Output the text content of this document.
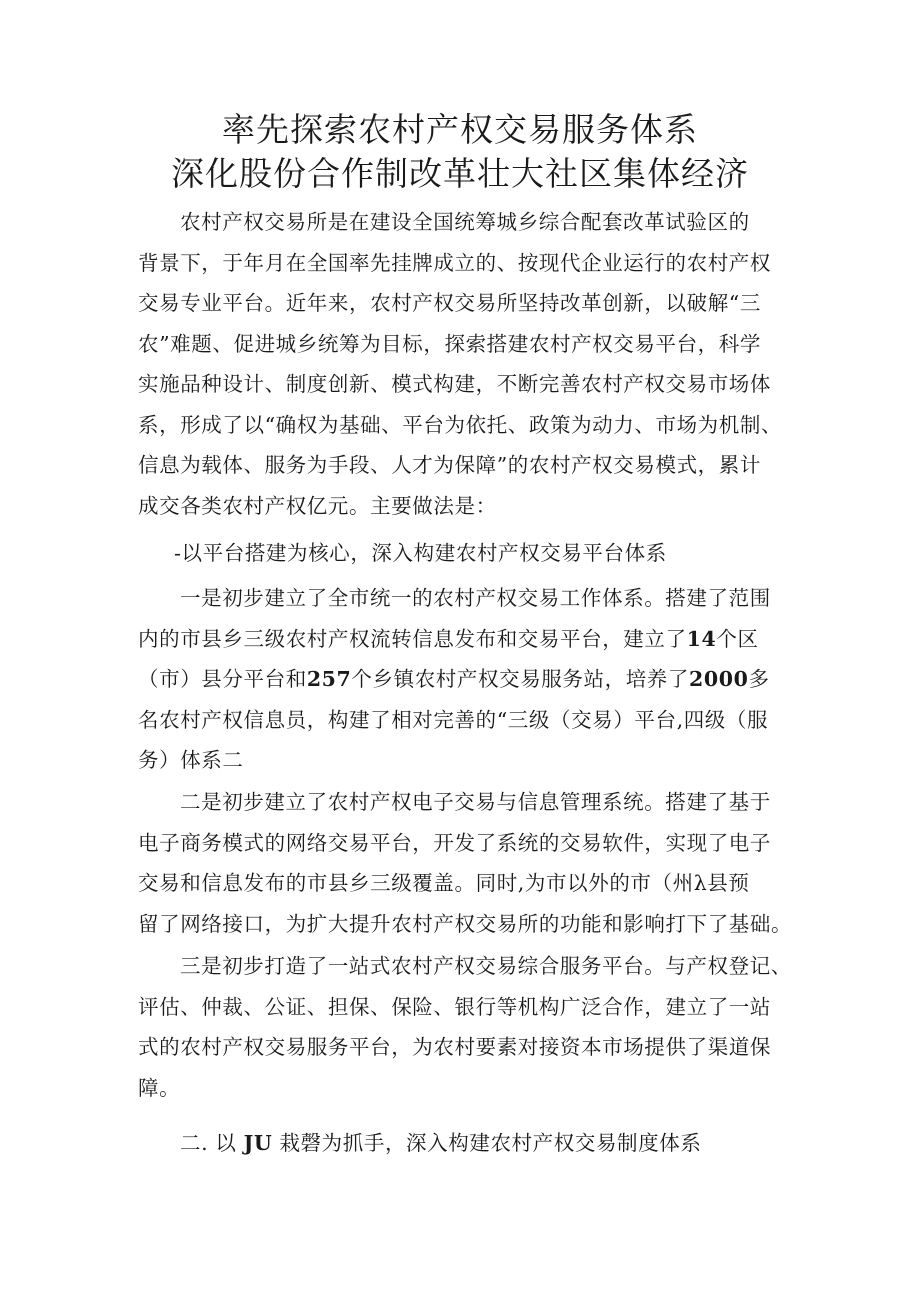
率先探索农村产权交易服务体系
深化股份合作制改革壮大社区集体经济
农村产权交易所是在建设全国统筹城乡综合配套改革试验区的
背景下，于年月在全国率先挂牌成立的、按现代企业运行的农村产权
交易专业平台。近年来，农村产权交易所坚持改革创新，以破解“三
农”难题、促进城乡统筹为目标，探索搭建农村产权交易平台，科学
实施品种设计、制度创新、模式构建，不断完善农村产权交易市场体
系，形成了以“确权为基础、平台为依托、政策为动力、市场为机制、
信息为载体、服务为手段、人才为保障”的农村产权交易模式，累计
成交各类农村产权亿元。主要做法是：
-以平台搭建为核心，深入构建农村产权交易平台体系
一是初步建立了全市统一的农村产权交易工作体系。搭建了范围
内的市县乡三级农村产权流转信息发布和交易平台，建立了14个区
（市）县分平台和257个乡镇农村产权交易服务站，培养了2000多
名农村产权信息员，构建了相对完善的“三级（交易）平台,四级（服
务）体系二
二是初步建立了农村产权电子交易与信息管理系统。搭建了基于
电子商务模式的网络交易平台，开发了系统的交易软件，实现了电子
交易和信息发布的市县乡三级覆盖。同时,为市以外的市（州λ县预
留了网络接口，为扩大提升农村产权交易所的功能和影响打下了基础。
三是初步打造了一站式农村产权交易综合服务平台。与产权登记、
评估、仲裁、公证、担保、保险、银行等机构广泛合作，建立了一站
式的农村产权交易服务平台，为农村要素对接资本市场提供了渠道保
障。
二. 以 JU 栽磬为抓手，深入构建农村产权交易制度体系
